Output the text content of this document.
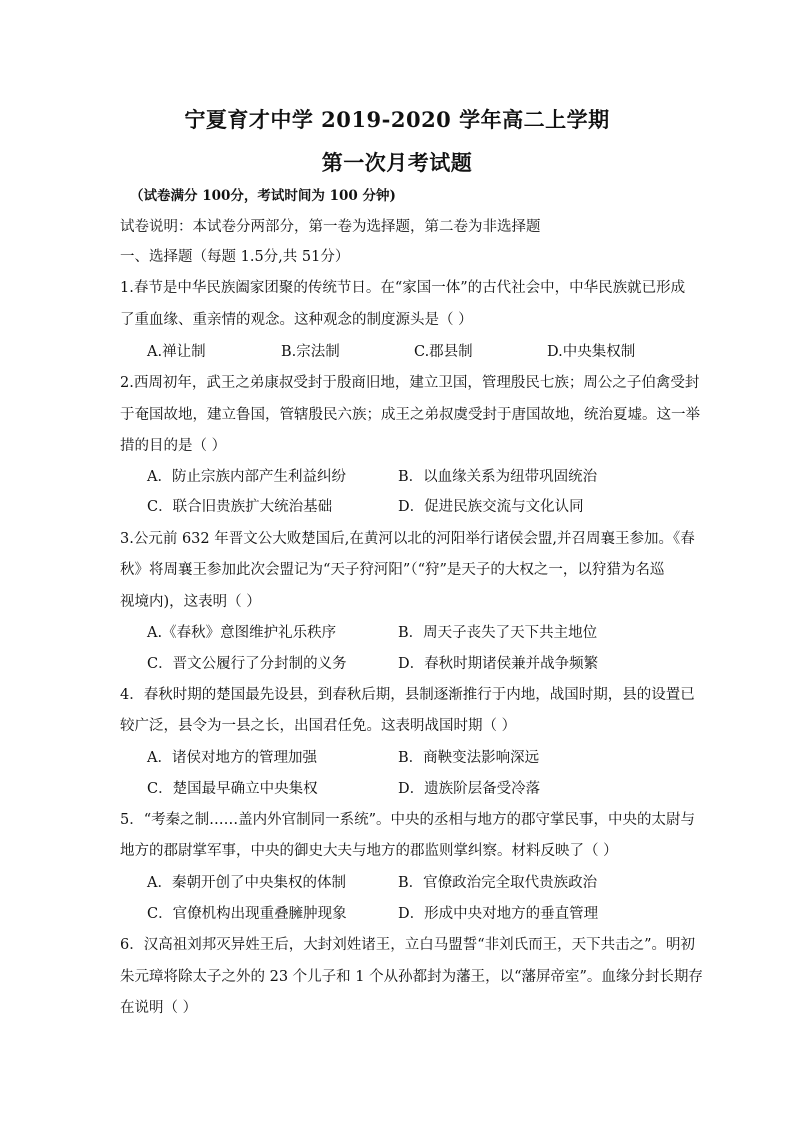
宁夏育才中学 2019-2020 学年高二上学期
第一次月考试题
（试卷满分 100分，考试时间为 100 分钟)
试卷说明：本试卷分两部分，第一卷为选择题，第二卷为非选择题
一、选择题（每题 1.5分,共 51分）
1.春节是中华民族阖家团聚的传统节日。在“家国一体”的古代社会中，中华民族就已形成
了重血缘、重亲情的观念。这种观念的制度源头是（ ）
A.禅让制	B.宗法制	C.郡县制	D.中央集权制
2.西周初年，武王之弟康叔受封于殷商旧地，建立卫国，管理殷民七族；周公之子伯禽受封
于奄国故地，建立鲁国，管辖殷民六族；成王之弟叔虞受封于唐国故地，统治夏墟。这一举
措的目的是（ ）
A．防止宗族内部产生利益纠纷	B．以血缘关系为纽带巩固统治
C．联合旧贵族扩大统治基础	D．促进民族交流与文化认同
3.公元前 632 年晋文公大败楚国后,在黄河以北的河阳举行诸侯会盟,并召周襄王参加。《春
秋》将周襄王参加此次会盟记为“天子狩河阳”（“狩”是天子的大权之一，以狩猎为名巡
视境内)，这表明（ ）
A.《春秋》意图维护礼乐秩序	B．周天子丧失了天下共主地位
C．晋文公履行了分封制的义务	D．春秋时期诸侯兼并战争频繁
4．春秋时期的楚国最先设县，到春秋后期，县制逐渐推行于内地，战国时期，县的设置已
较广泛，县令为一县之长，出国君任免。这表明战国时期（ ）
A．诸侯对地方的管理加强	B．商鞅变法影响深远
C．楚国最早确立中央集权	D．遗族阶层备受冷落
5．“考秦之制……盖内外官制同一系统”。中央的丞相与地方的郡守掌民事，中央的太尉与
地方的郡尉掌军事，中央的御史大夫与地方的郡监则掌纠察。材料反映了（ ）
A．秦朝开创了中央集权的体制	B．官僚政治完全取代贵族政治
C．官僚机构出现重叠臃肿现象	D．形成中央对地方的垂直管理
6．汉高祖刘邦灭异姓王后，大封刘姓诸王，立白马盟誓“非刘氏而王，天下共击之”。明初
朱元璋将除太子之外的 23 个儿子和 1 个从孙都封为藩王，以“藩屏帝室”。血缘分封长期存
在说明（ ）
